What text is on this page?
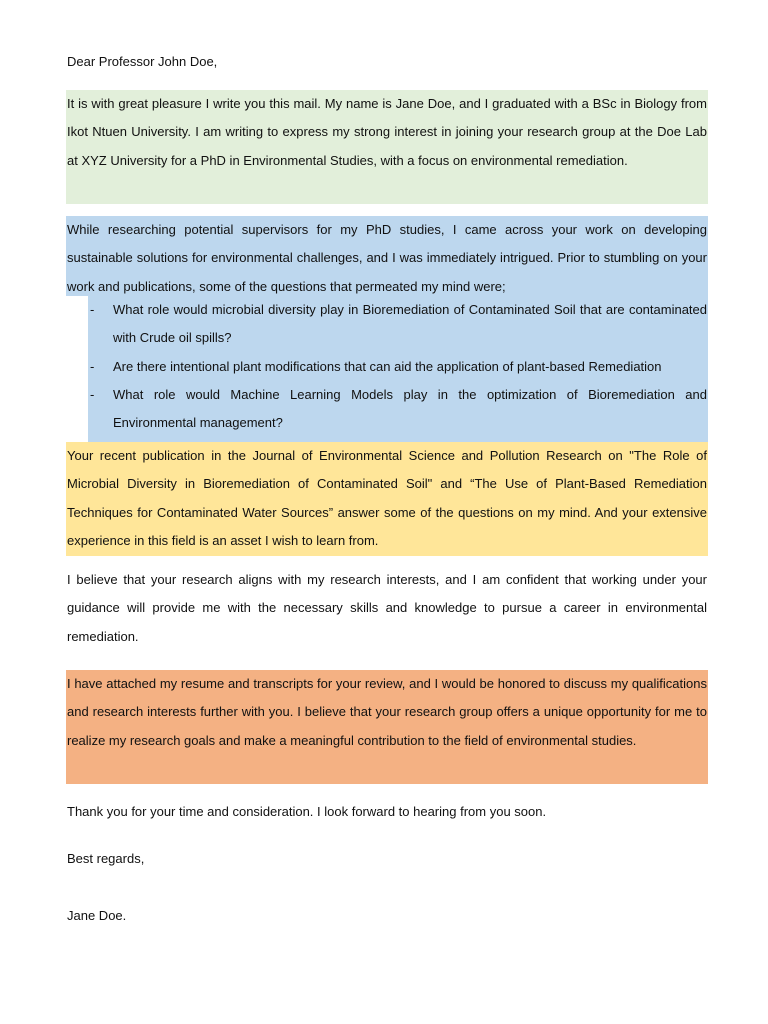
Dear Professor John Doe,

It is with great pleasure I write you this mail. My name is Jane Doe, and I graduated with a BSc in Biology from Ikot Ntuen University. I am writing to express my strong interest in joining your research group at the Doe Lab at XYZ University for a PhD in Environmental Studies, with a focus on environmental remediation.

While researching potential supervisors for my PhD studies, I came across your work on developing sustainable solutions for environmental challenges, and I was immediately intrigued. Prior to stumbling on your work and publications, some of the questions that permeated my mind were;

- What role would microbial diversity play in Bioremediation of Contaminated Soil that are contaminated with Crude oil spills?
- Are there intentional plant modifications that can aid the application of plant-based Remediation
- What role would Machine Learning Models play in the optimization of Bioremediation and Environmental management?

Your recent publication in the Journal of Environmental Science and Pollution Research on "The Role of Microbial Diversity in Bioremediation of Contaminated Soil" and “The Use of Plant-Based Remediation Techniques for Contaminated Water Sources” answer some of the questions on my mind. And your extensive experience in this field is an asset I wish to learn from.

I believe that your research aligns with my research interests, and I am confident that working under your guidance will provide me with the necessary skills and knowledge to pursue a career in environmental remediation.

I have attached my resume and transcripts for your review, and I would be honored to discuss my qualifications and research interests further with you. I believe that your research group offers a unique opportunity for me to realize my research goals and make a meaningful contribution to the field of environmental studies.

Thank you for your time and consideration. I look forward to hearing from you soon.

Best regards,

Jane Doe.
